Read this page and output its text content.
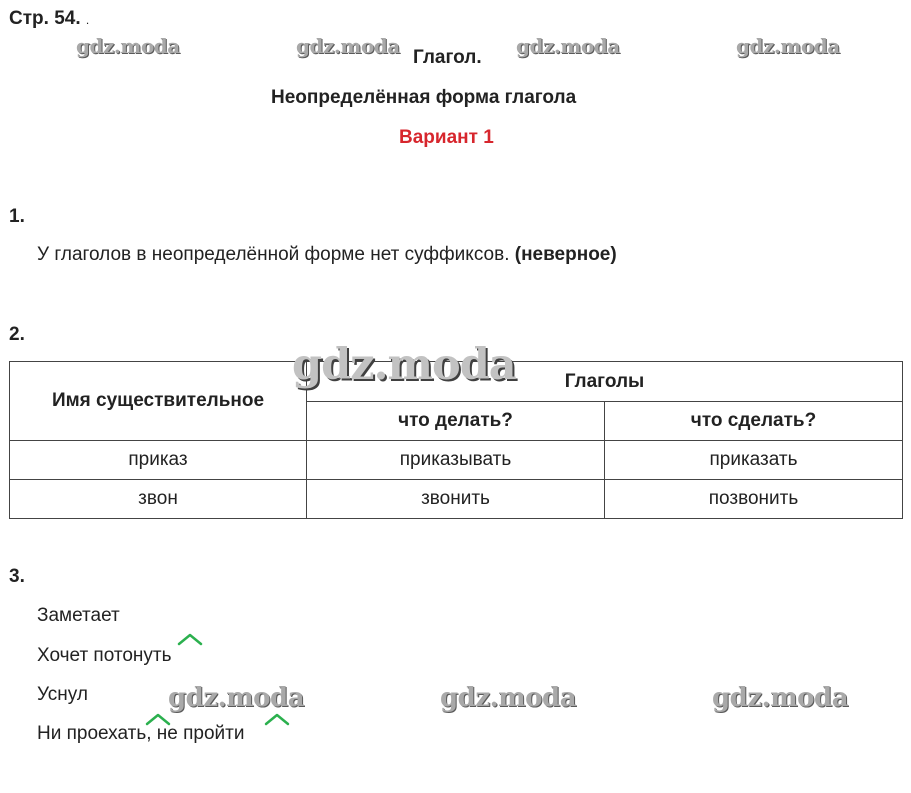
Стр. 54. .
gdz.moda	gdz.moda	gdz.moda	gdz.moda
Глагол.
Неопределённая форма глагола
Вариант 1
1.
У глаголов в неопределённой форме нет суффиксов. (неверное)
2.
Имя существительное	Глаголы	
	что делать?	что сделать?
приказ	приказывать	приказать
звон	звонить	позвонить
gdz.moda
3.
Заметает
Хочет потонуть
Уснул
Ни проехать, не пройти
gdz.moda	gdz.moda	gdz.moda
